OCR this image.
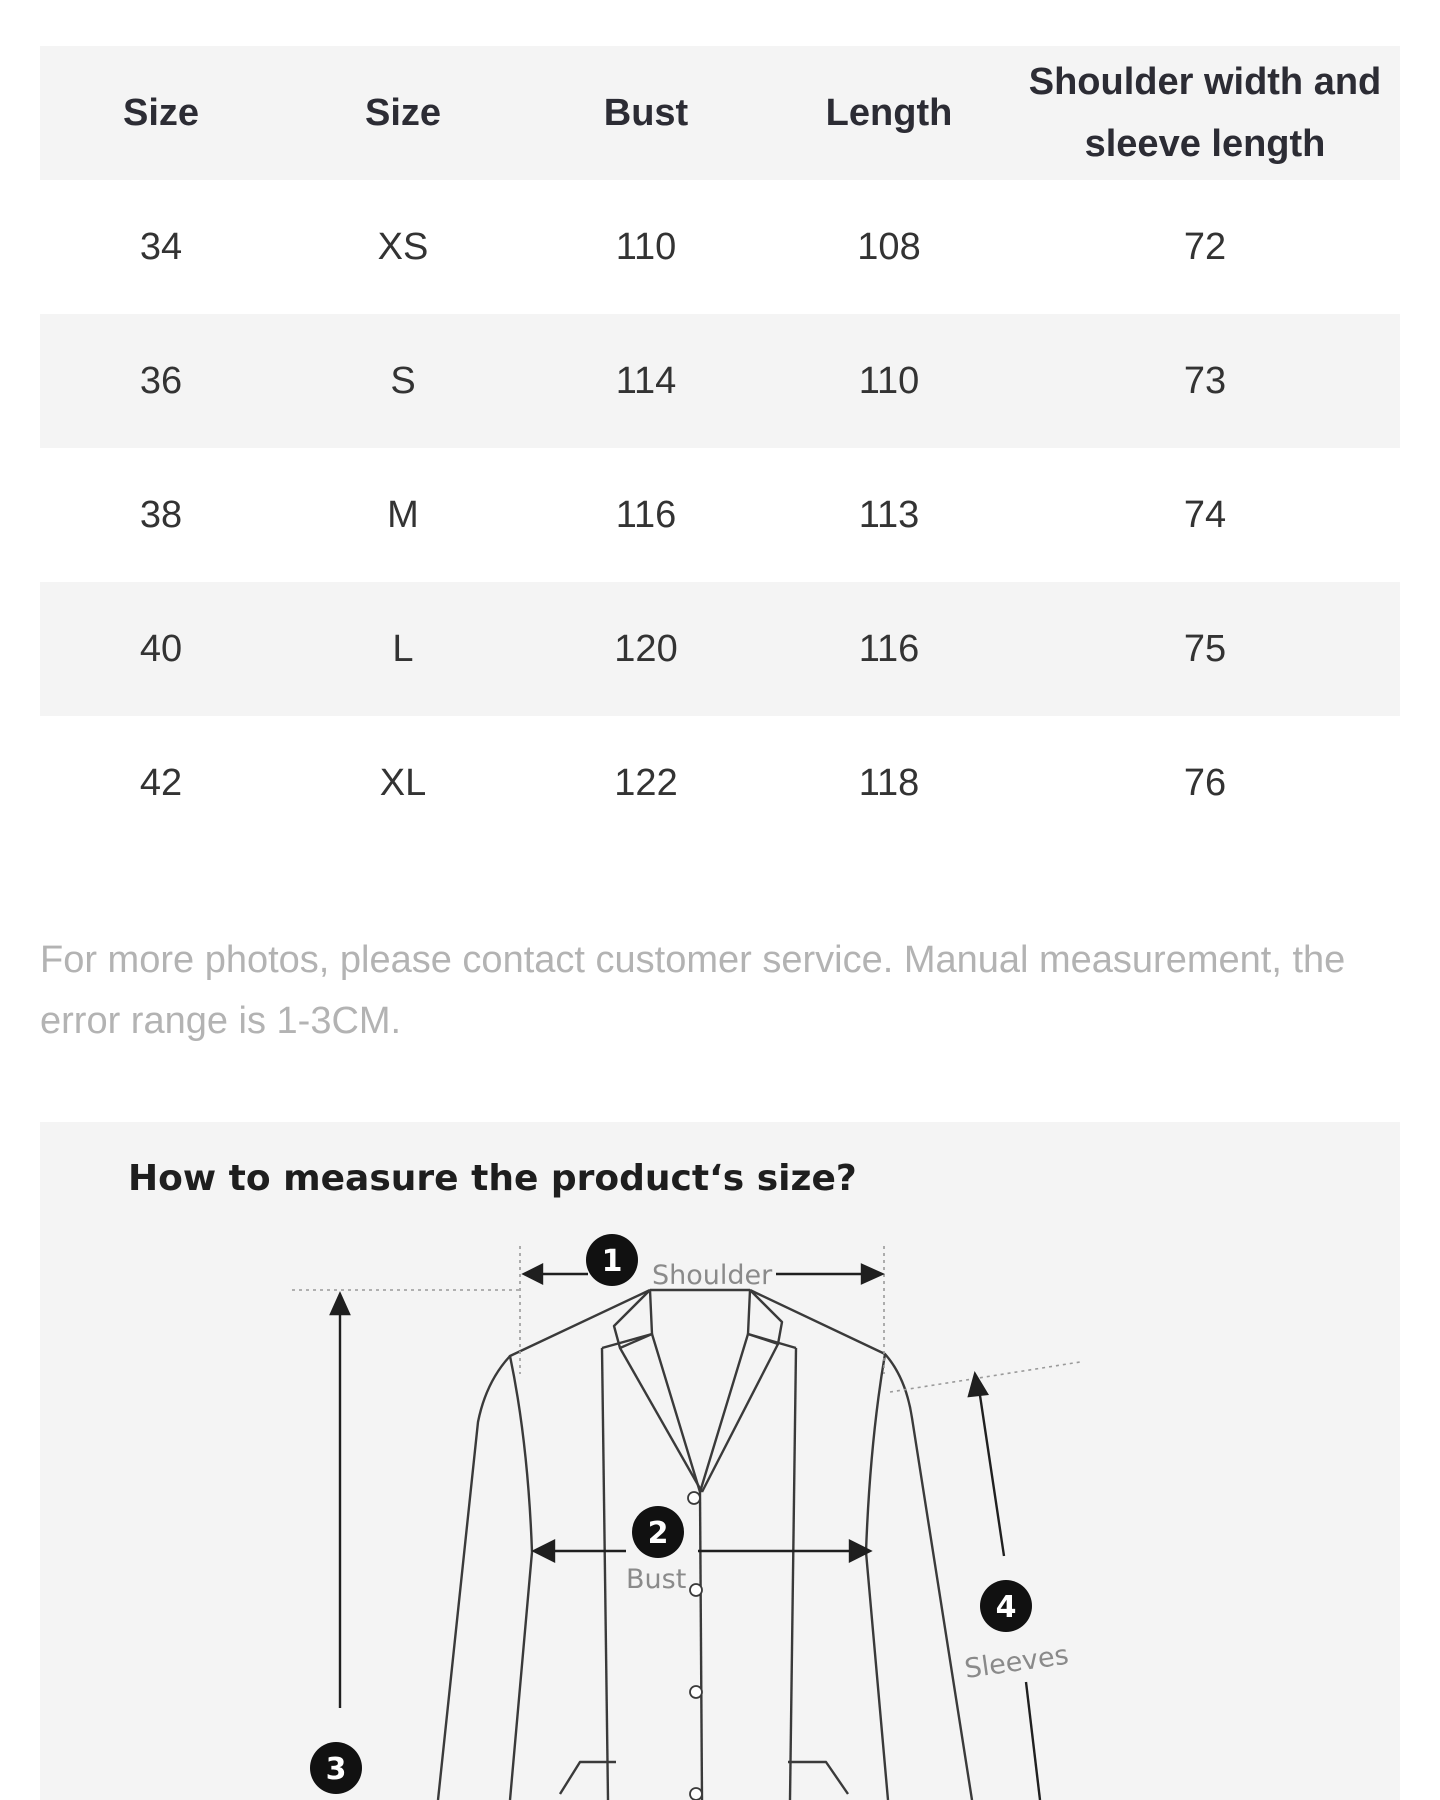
Size	Size	Bust	Length	Shoulder width and sleeve length
34	XS	110	108	72
36	S	114	110	73
38	M	116	113	74
40	L	120	116	75
42	XL	122	118	76
For more photos, please contact customer service. Manual measurement, the error range is 1-3CM.
How to measure the product‘s size?
1
2
3
4
Shoulder
Bust
Sleeves
